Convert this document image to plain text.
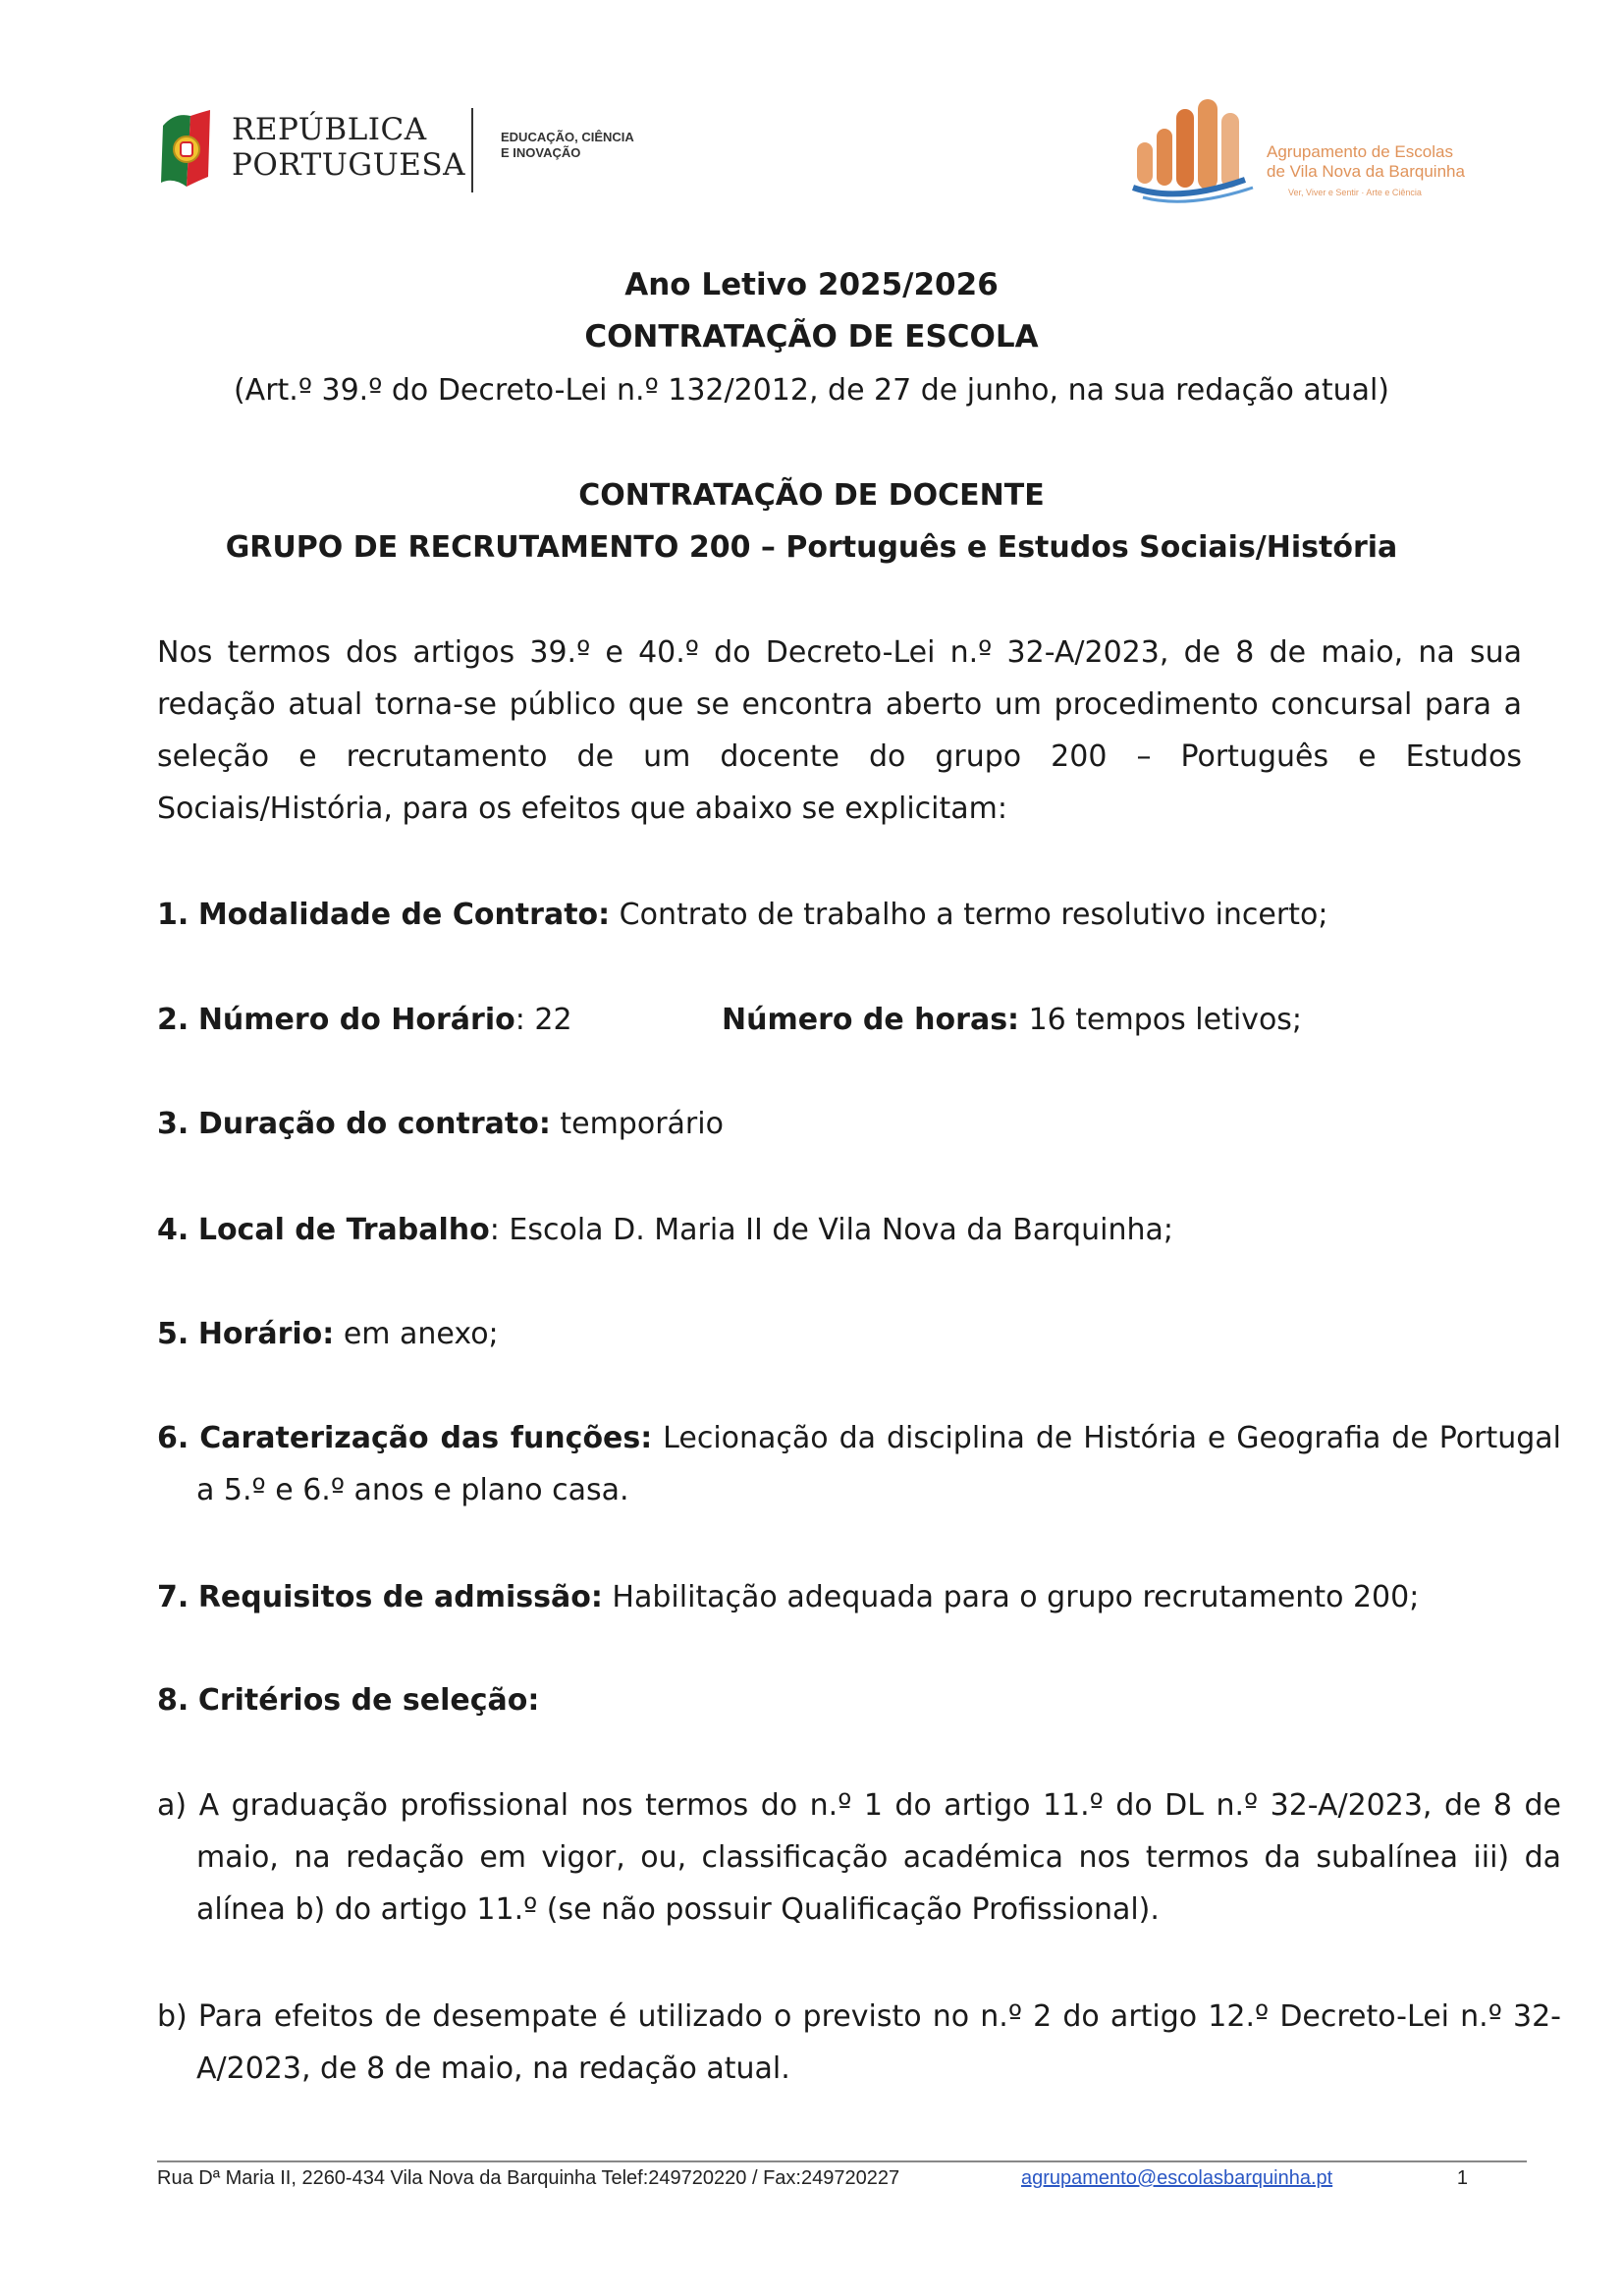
REPÚBLICA
PORTUGUESA
EDUCAÇÃO, CIÊNCIA
E INOVAÇÃO	Agrupamento de Escolas
de Vila Nova da Barquinha
Ver, Viver e Sentir · Arte e Ciência
Ano Letivo 2025/2026
CONTRATAÇÃO DE ESCOLA
(Art.º 39.º do Decreto-Lei n.º 132/2012, de 27 de junho, na sua redação atual)
CONTRATAÇÃO DE DOCENTE
GRUPO DE RECRUTAMENTO 200 – Português e Estudos Sociais/História
Nos termos dos artigos 39.º e 40.º do Decreto-Lei n.º 32-A/2023, de 8 de maio, na sua redação atual torna-se público que se encontra aberto um procedimento concursal para a seleção e recrutamento de um docente do grupo 200 – Português e Estudos Sociais/História, para os efeitos que abaixo se explicitam:
1. Modalidade de Contrato: Contrato de trabalho a termo resolutivo incerto;
2. Número do Horário: 22	Número de horas: 16 tempos letivos;
3. Duração do contrato: temporário
4. Local de Trabalho: Escola D. Maria II de Vila Nova da Barquinha;
5. Horário: em anexo;
6. Caraterização das funções: Lecionação da disciplina de História e Geografia de Portugal a 5.º e 6.º anos e plano casa.
7. Requisitos de admissão: Habilitação adequada para o grupo recrutamento 200;
8. Critérios de seleção:
a) A graduação profissional nos termos do n.º 1 do artigo 11.º do DL n.º 32-A/2023, de 8 de maio, na redação em vigor, ou, classificação académica nos termos da subalínea iii) da alínea b) do artigo 11.º (se não possuir Qualificação Profissional).
b) Para efeitos de desempate é utilizado o previsto no n.º 2 do artigo 12.º Decreto-Lei n.º 32-A/2023, de 8 de maio, na redação atual.
Rua Dª Maria II, 2260-434 Vila Nova da Barquinha Telef:249720220 / Fax:249720227	agrupamento@escolasbarquinha.pt	1
